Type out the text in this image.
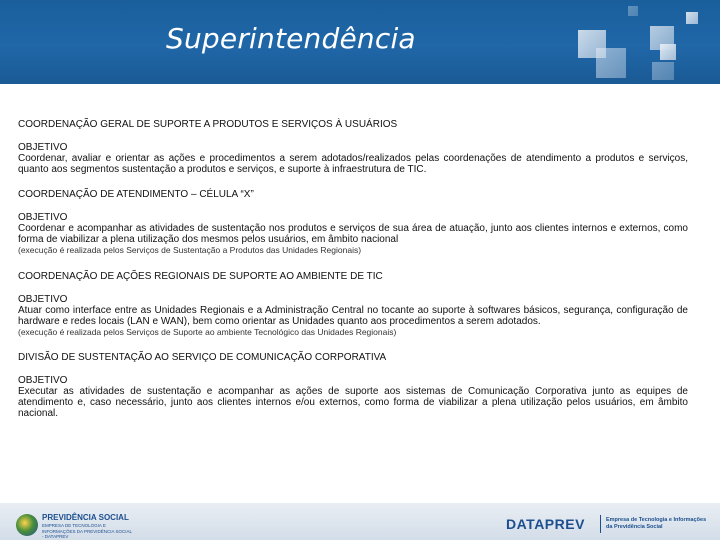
Superintendência
COORDENAÇÃO GERAL DE SUPORTE A PRODUTOS E SERVIÇOS À USUÁRIOS
OBJETIVO
Coordenar, avaliar e orientar as ações e procedimentos a serem adotados/realizados pelas coordenações de atendimento a produtos e serviços, quanto aos segmentos sustentação a produtos e serviços, e suporte à infraestrutura de TIC.
COORDENAÇÃO DE ATENDIMENTO – CÉLULA “X”
OBJETIVO
Coordenar e acompanhar as atividades de sustentação nos produtos e serviços de sua área de atuação, junto aos clientes internos e externos, como forma de viabilizar a plena utilização dos mesmos pelos usuários, em âmbito nacional
(execução é realizada pelos Serviços de Sustentação a Produtos das Unidades Regionais)
COORDENAÇÃO DE AÇÕES REGIONAIS DE SUPORTE AO AMBIENTE DE TIC
OBJETIVO
Atuar como interface entre as Unidades Regionais e a Administração Central no tocante ao suporte à softwares básicos, segurança, configuração de hardware e redes locais (LAN e WAN), bem como orientar as Unidades quanto aos procedimentos a serem adotados.
(execução é realizada pelos Serviços de Suporte ao ambiente Tecnológico das Unidades Regionais)
DIVISÃO DE SUSTENTAÇÃO AO SERVIÇO DE COMUNICAÇÃO CORPORATIVA
OBJETIVO
Executar as atividades de sustentação e acompanhar as ações de suporte aos sistemas de Comunicação Corporativa junto as equipes de atendimento e, caso necessário, junto aos clientes internos e/ou externos, como forma de viabilizar a plena utilização pelos usuários, em âmbito nacional.
PREVIDÊNCIA SOCIAL
EMPRESA DE TECNOLOGIA E INFORMAÇÕES DA PREVIDÊNCIA SOCIAL - DATAPREV
DATAPREV	Empresa de Tecnologia e Informações da Previdência Social
